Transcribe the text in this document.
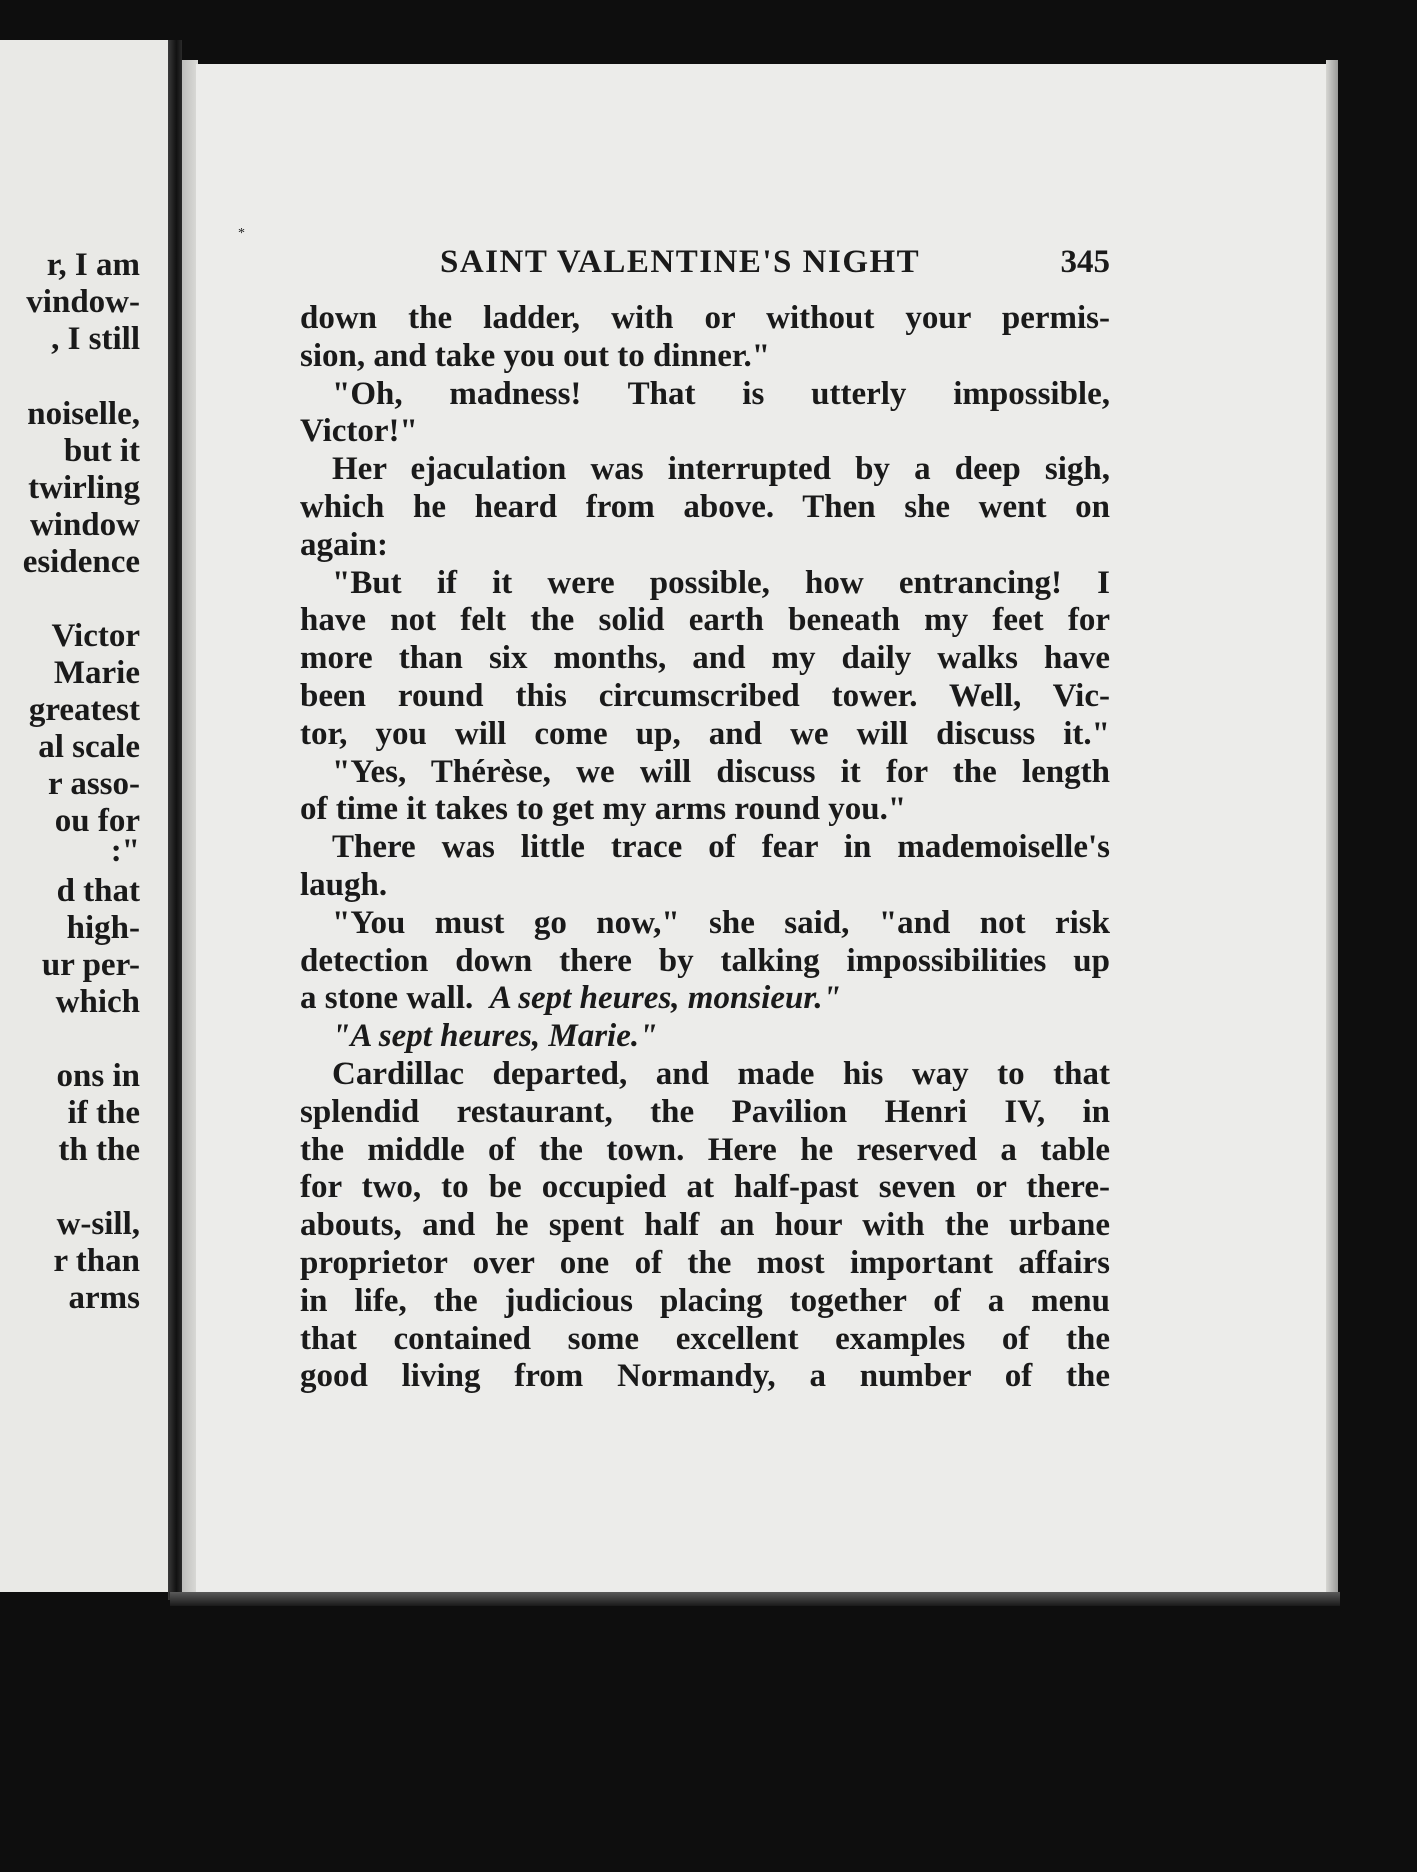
r, I am
vindow-
, I still
noiselle,
but it
twirling
window
esidence
Victor
Marie
greatest
al scale
r asso-
ou for
:"
d that
high-
ur per-
which
ons in
if the
th the
w-sill,
r than
arms
*
SAINT VALENTINE'S NIGHT	345
down the ladder, with or without your permis-
sion, and take you out to dinner."
"Oh, madness! That is utterly impossible,
Victor!"
Her ejaculation was interrupted by a deep sigh,
which he heard from above. Then she went on
again:
"But if it were possible, how entrancing! I
have not felt the solid earth beneath my feet for
more than six months, and my daily walks have
been round this circumscribed tower. Well, Vic-
tor, you will come up, and we will discuss it."
"Yes, Thérèse, we will discuss it for the length
of time it takes to get my arms round you."
There was little trace of fear in mademoiselle's
laugh.
"You must go now," she said, "and not risk
detection down there by talking impossibilities up
a stone wall. A sept heures, monsieur."
"A sept heures, Marie."
Cardillac departed, and made his way to that
splendid restaurant, the Pavilion Henri IV, in
the middle of the town. Here he reserved a table
for two, to be occupied at half-past seven or there-
abouts, and he spent half an hour with the urbane
proprietor over one of the most important affairs
in life, the judicious placing together of a menu
that contained some excellent examples of the
good living from Normandy, a number of the
